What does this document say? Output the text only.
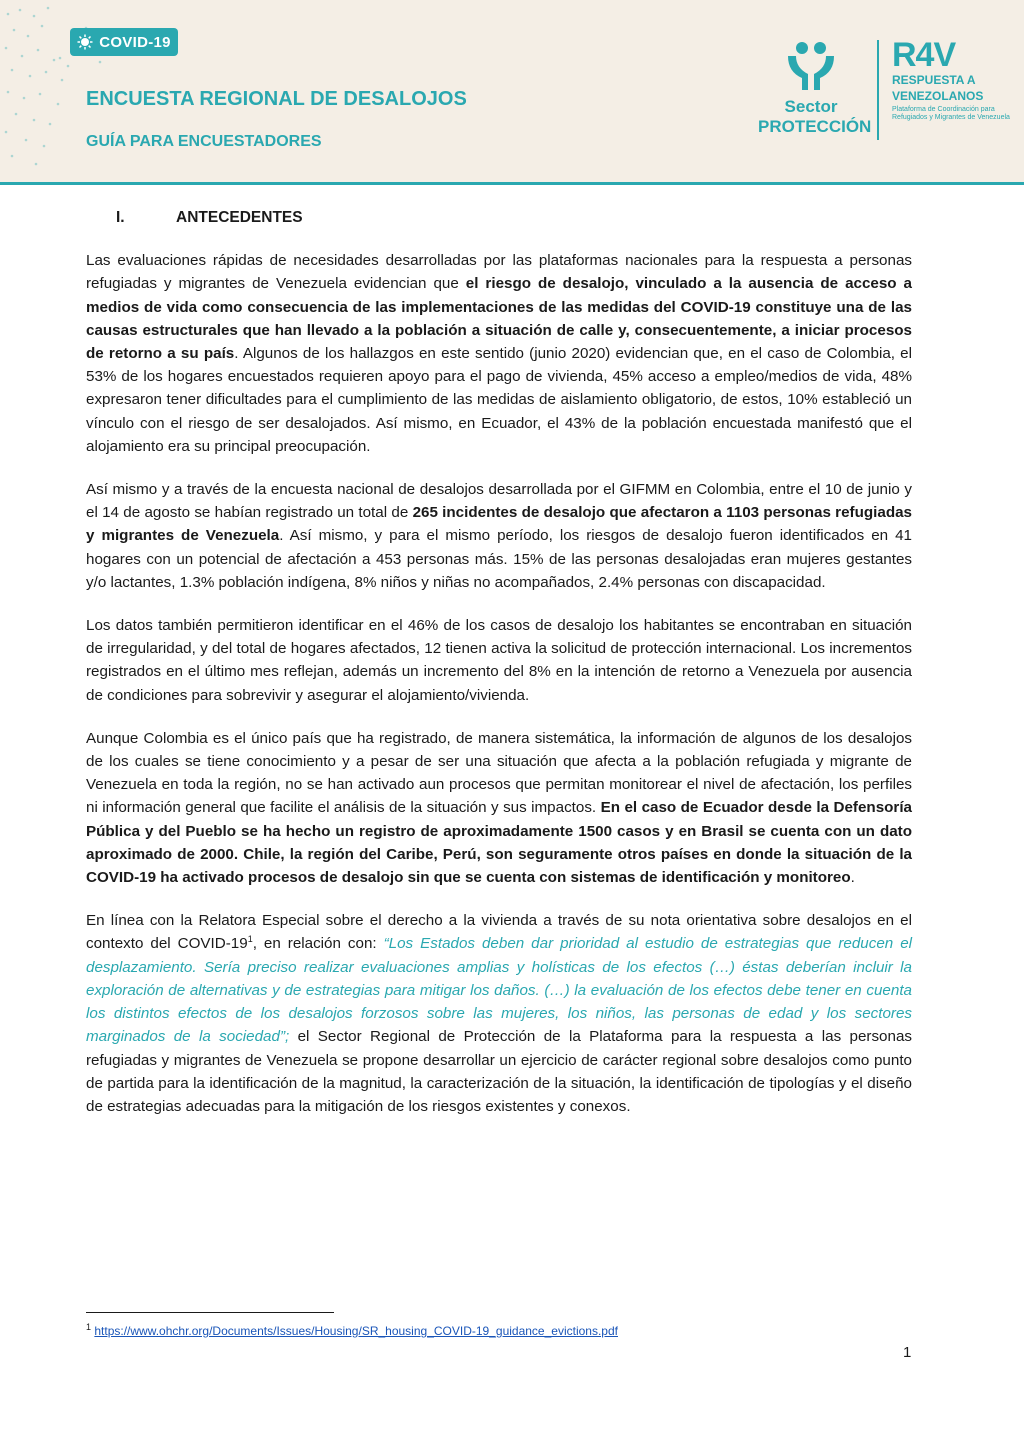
COVID-19
ENCUESTA REGIONAL DE DESALOJOS
GUÍA PARA ENCUESTADORES
Sector
PROTECCIÓN
R4V
RESPUESTA A
VENEZOLANOS
Plataforma de Coordinación para Refugiados y Migrantes de Venezuela
I.	ANTECEDENTES

Las evaluaciones rápidas de necesidades desarrolladas por las plataformas nacionales para la respuesta a personas refugiadas y migrantes de Venezuela evidencian que el riesgo de desalojo, vinculado a la ausencia de acceso a medios de vida como consecuencia de las implementaciones de las medidas del COVID-19 constituye una de las causas estructurales que han llevado a la población a situación de calle y, consecuentemente, a iniciar procesos de retorno a su país. Algunos de los hallazgos en este sentido (junio 2020) evidencian que, en el caso de Colombia, el 53% de los hogares encuestados requieren apoyo para el pago de vivienda, 45% acceso a empleo/medios de vida, 48% expresaron tener dificultades para el cumplimiento de las medidas de aislamiento obligatorio, de estos, 10% estableció un vínculo con el riesgo de ser desalojados. Así mismo, en Ecuador, el 43% de la población encuestada manifestó que el alojamiento era su principal preocupación.

Así mismo y a través de la encuesta nacional de desalojos desarrollada por el GIFMM en Colombia, entre el 10 de junio y el 14 de agosto se habían registrado un total de 265 incidentes de desalojo que afectaron a 1103 personas refugiadas y migrantes de Venezuela. Así mismo, y para el mismo período, los riesgos de desalojo fueron identificados en 41 hogares con un potencial de afectación a 453 personas más. 15% de las personas desalojadas eran mujeres gestantes y/o lactantes, 1.3% población indígena, 8% niños y niñas no acompañados, 2.4% personas con discapacidad.

Los datos también permitieron identificar en el 46% de los casos de desalojo los habitantes se encontraban en situación de irregularidad, y del total de hogares afectados, 12 tienen activa la solicitud de protección internacional. Los incrementos registrados en el último mes reflejan, además un incremento del 8% en la intención de retorno a Venezuela por ausencia de condiciones para sobrevivir y asegurar el alojamiento/vivienda.

Aunque Colombia es el único país que ha registrado, de manera sistemática, la información de algunos de los desalojos de los cuales se tiene conocimiento y a pesar de ser una situación que afecta a la población refugiada y migrante de Venezuela en toda la región, no se han activado aun procesos que permitan monitorear el nivel de afectación, los perfiles ni información general que facilite el análisis de la situación y sus impactos. En el caso de Ecuador desde la Defensoría Pública y del Pueblo se ha hecho un registro de aproximadamente 1500 casos y en Brasil se cuenta con un dato aproximado de 2000. Chile, la región del Caribe, Perú, son seguramente otros países en donde la situación de la COVID-19 ha activado procesos de desalojo sin que se cuenta con sistemas de identificación y monitoreo.

En línea con la Relatora Especial sobre el derecho a la vivienda a través de su nota orientativa sobre desalojos en el contexto del COVID-$19^1$, en relación con: “Los Estados deben dar prioridad al estudio de estrategias que reducen el desplazamiento. Sería preciso realizar evaluaciones amplias y holísticas de los efectos (…) éstas deberían incluir la exploración de alternativas y de estrategias para mitigar los daños. (…) la evaluación de los efectos debe tener en cuenta los distintos efectos de los desalojos forzosos sobre las mujeres, los niños, las personas de edad y los sectores marginados de la sociedad”; el Sector Regional de Protección de la Plataforma para la respuesta a las personas refugiadas y migrantes de Venezuela se propone desarrollar un ejercicio de carácter regional sobre desalojos como punto de partida para la identificación de la magnitud, la caracterización de la situación, la identificación de tipologías y el diseño de estrategias adecuadas para la mitigación de los riesgos existentes y conexos.

$^1$ https://www.ohchr.org/Documents/Issues/Housing/SR_housing_COVID-19_guidance_evictions.pdf
1
